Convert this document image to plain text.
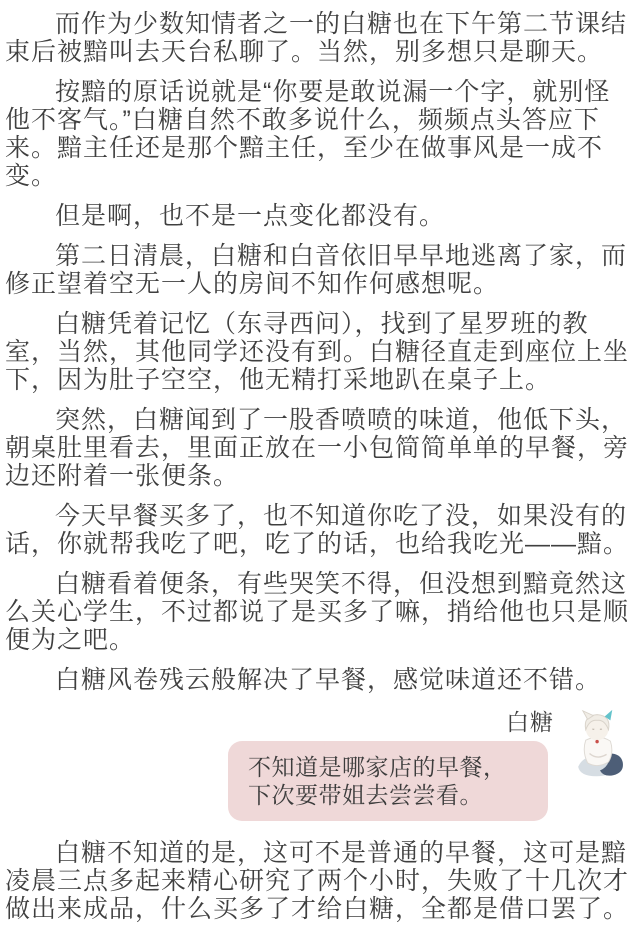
而作为少数知情者之一的白糖也在下午第二节课结束后被黯叫去天台私聊了。当然，别多想只是聊天。

按黯的原话说就是“你要是敢说漏一个字，就别怪他不客气。”白糖自然不敢多说什么，频频点头答应下来。黯主任还是那个黯主任，至少在做事风是一成不变。

但是啊，也不是一点变化都没有。

第二日清晨，白糖和白音依旧早早地逃离了家，而修正望着空无一人的房间不知作何感想呢。

白糖凭着记忆（东寻西问），找到了星罗班的教室，当然，其他同学还没有到。白糖径直走到座位上坐下，因为肚子空空，他无精打采地趴在桌子上。

突然，白糖闻到了一股香喷喷的味道，他低下头，朝桌肚里看去，里面正放在一小包简简单单的早餐，旁边还附着一张便条。

今天早餐买多了，也不知道你吃了没，如果没有的话，你就帮我吃了吧，吃了的话，也给我吃光——黯。

白糖看着便条，有些哭笑不得，但没想到黯竟然这么关心学生，不过都说了是买多了嘛，捎给他也只是顺便为之吧。

白糖风卷残云般解决了早餐，感觉味道还不错。

白糖
不知道是哪家店的早餐，下次要带姐去尝尝看。

白糖不知道的是，这可不是普通的早餐，这可是黯凌晨三点多起来精心研究了两个小时，失败了十几次才做出来成品，什么买多了才给白糖，全都是借口罢了。
